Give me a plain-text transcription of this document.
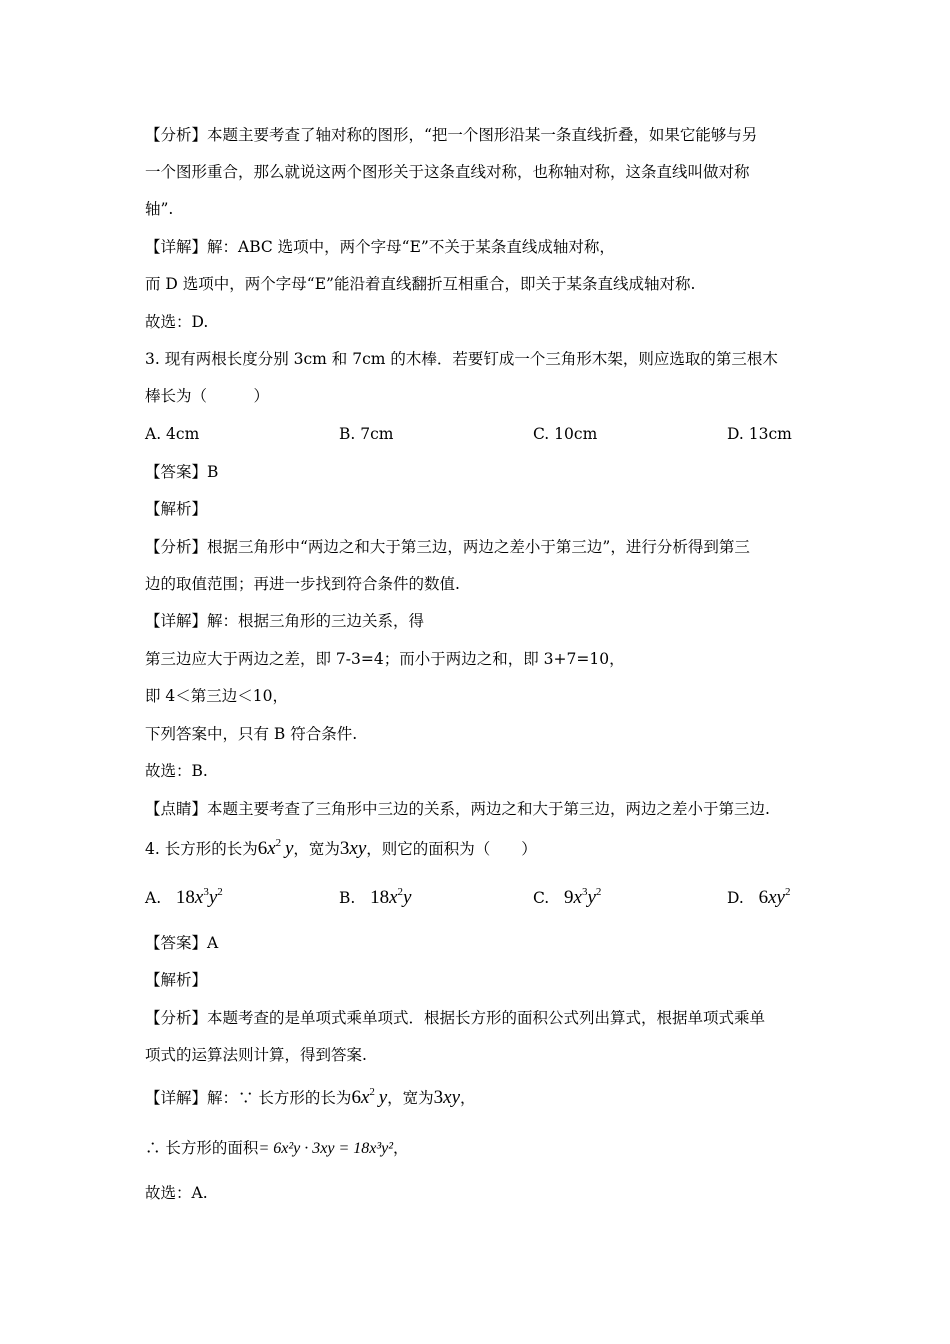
【分析】本题主要考查了轴对称的图形，“把一个图形沿某一条直线折叠，如果它能够与另
一个图形重合，那么就说这两个图形关于这条直线对称，也称轴对称，这条直线叫做对称
轴”.
【详解】解：ABC 选项中，两个字母“E”不关于某条直线成轴对称，
而 D 选项中，两个字母“E”能沿着直线翻折互相重合，即关于某条直线成轴对称.
故选：D.
3. 现有两根长度分别 3cm 和 7cm 的木棒．若要钉成一个三角形木架，则应选取的第三根木
棒长为（　　　）
A. 4cm	B. 7cm	C. 10cm	D. 13cm
【答案】B
【解析】
【分析】根据三角形中“两边之和大于第三边，两边之差小于第三边”，进行分析得到第三
边的取值范围；再进一步找到符合条件的数值.
【详解】解：根据三角形的三边关系，得
第三边应大于两边之差，即 7-3=4；而小于两边之和，即 3+7=10，
即 4＜第三边＜10，
下列答案中，只有 B 符合条件.
故选：B.
【点睛】本题主要考查了三角形中三边的关系，两边之和大于第三边，两边之差小于第三边.
4. 长方形的长为$6x^2$  y，宽为3xy，则它的面积为（　　）
A. $18x^3y^2$	B. $18x^2y$	C. $9x^3y^2$	D. $6xy^2$
【答案】A
【解析】
【分析】本题考查的是单项式乘单项式．根据长方形的面积公式列出算式，根据单项式乘单
项式的运算法则计算，得到答案.
【详解】解：∵ 长方形的长为$6x^2$  y，宽为3xy，
∴ 长方形的面积= 6x²y · 3xy = 18x³y²，
故选：A.
